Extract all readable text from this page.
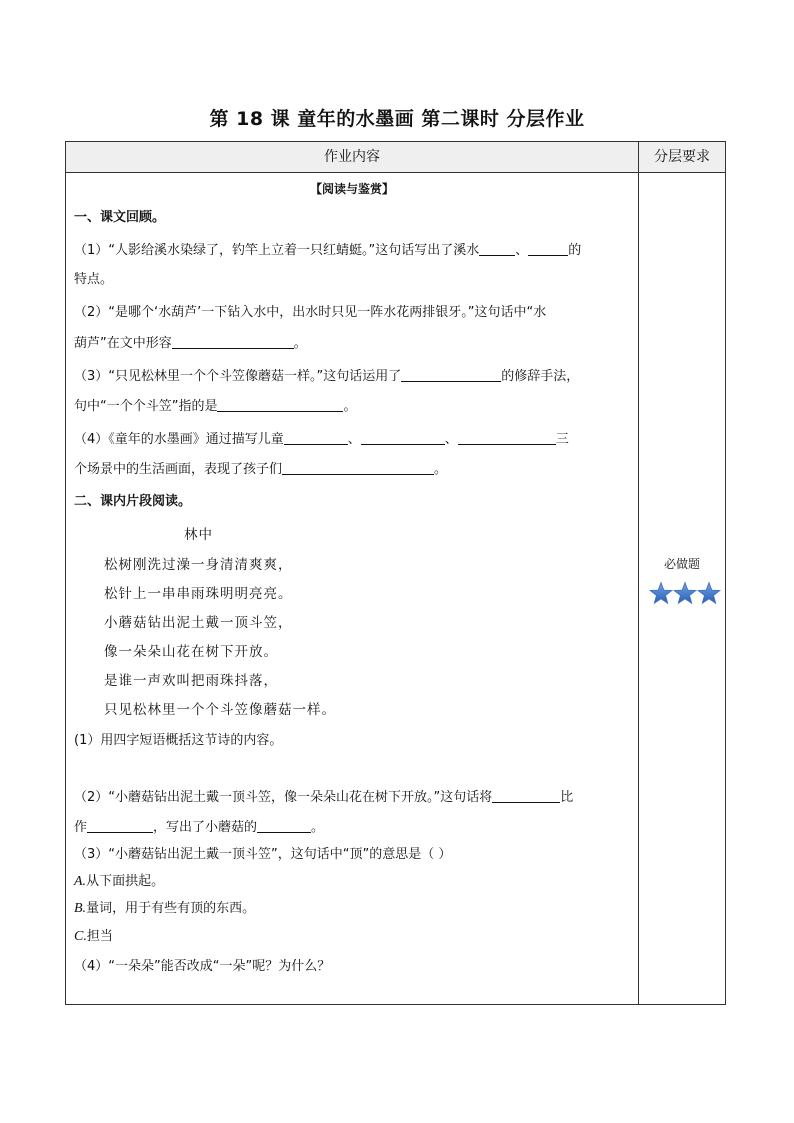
第 18 课 童年的水墨画 第二课时 分层作业
作业内容	分层要求
【阅读与鉴赏】
一、课文回顾。
（1）“人影给溪水染绿了，钓竿上立着一只红蜻蜓。”这句话写出了溪水	、	的
特点。
（2）“是哪个‘水葫芦’一下钻入水中，出水时只见一阵水花两排银牙。”这句话中“水
葫芦”在文中形容	。
（3）“只见松林里一个个斗笠像蘑菇一样。”这句话运用了	的修辞手法，
句中“一个个斗笠”指的是	。
（4）《童年的水墨画》通过描写儿童	、	、	三
个场景中的生活画面，表现了孩子们	。
二、课内片段阅读。
林中
松树刚洗过澡一身清清爽爽，
松针上一串串雨珠明明亮亮。
小蘑菇钻出泥土戴一顶斗笠，
像一朵朵山花在树下开放。
是谁一声欢叫把雨珠抖落，
只见松林里一个个斗笠像蘑菇一样。
(1）用四字短语概括这节诗的内容。
（2）“小蘑菇钻出泥土戴一顶斗笠，像一朵朵山花在树下开放。”这句话将	比
作	，写出了小蘑菇的	。
（3）“小蘑菇钻出泥土戴一顶斗笠”，这句话中“顶”的意思是（ ）
A.从下面拱起。
B.量词，用于有些有顶的东西。
C.担当
（4）“一朵朵”能否改成“一朵”呢？为什么？
必做题
